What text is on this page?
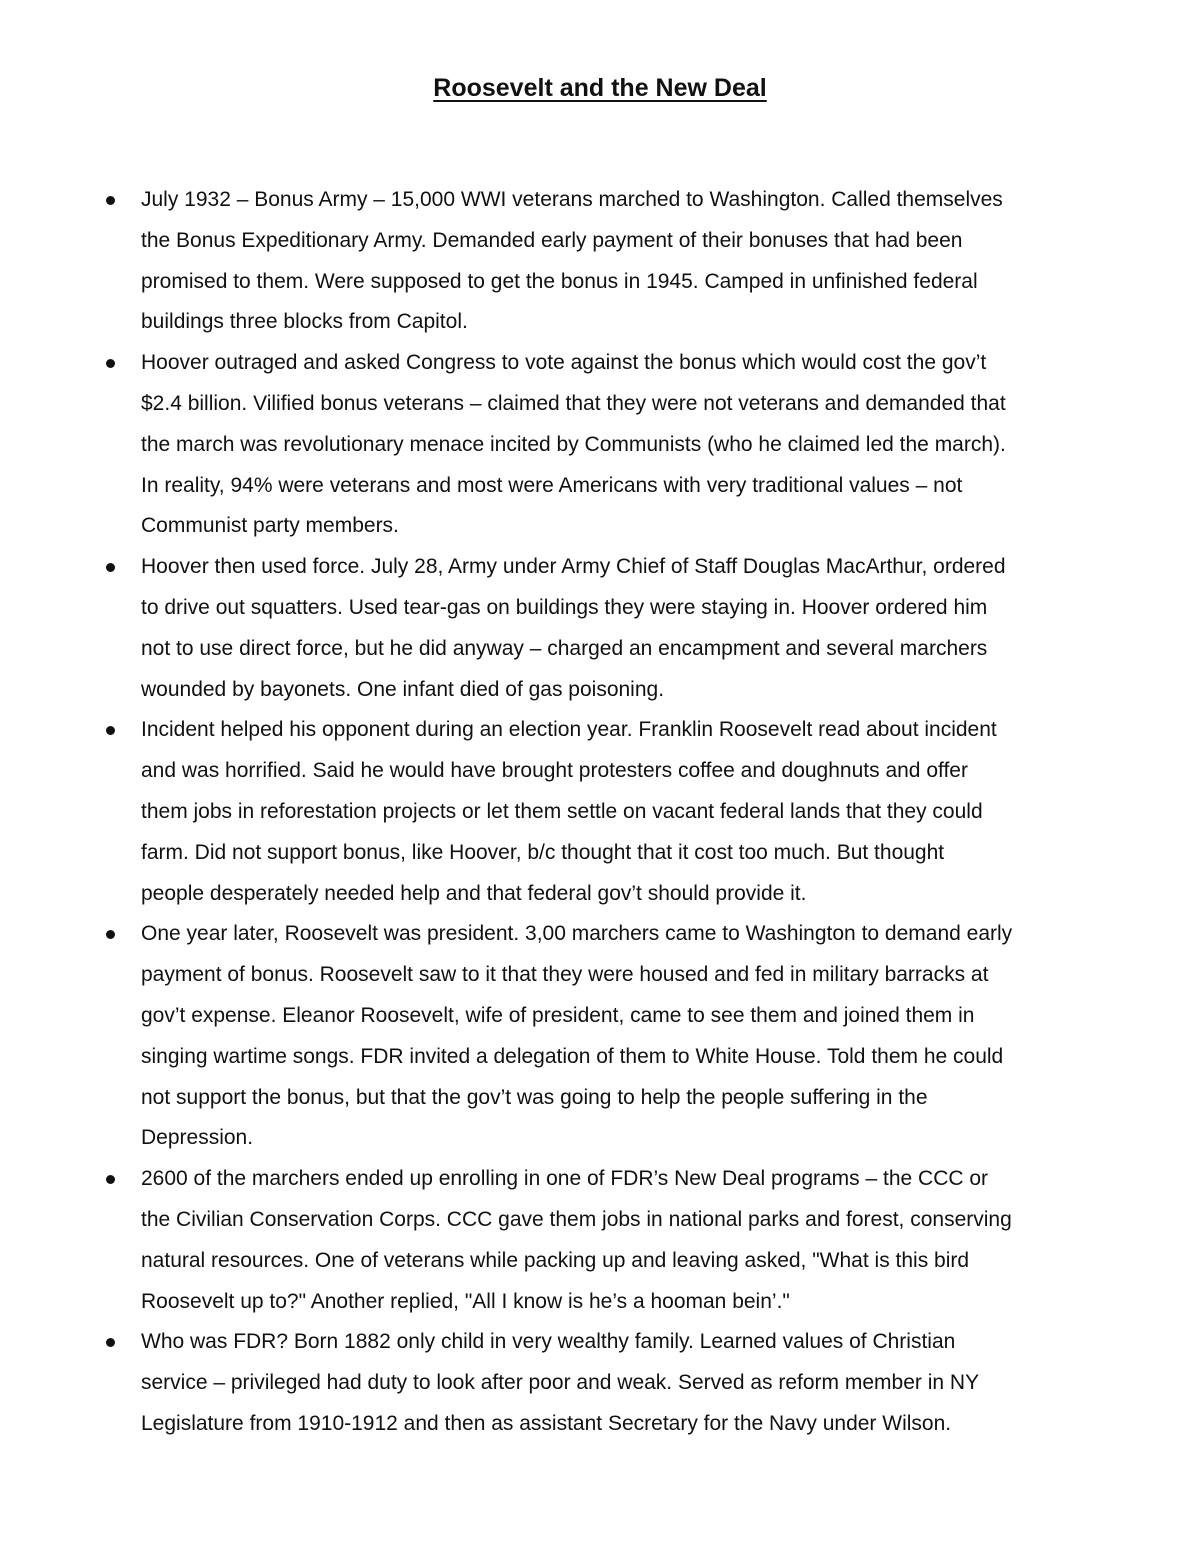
Roosevelt and the New Deal
July 1932 – Bonus Army – 15,000 WWI veterans marched to Washington. Called themselves
the Bonus Expeditionary Army. Demanded early payment of their bonuses that had been
promised to them. Were supposed to get the bonus in 1945. Camped in unfinished federal
buildings three blocks from Capitol.
Hoover outraged and asked Congress to vote against the bonus which would cost the gov’t
$2.4 billion. Vilified bonus veterans – claimed that they were not veterans and demanded that
the march was revolutionary menace incited by Communists (who he claimed led the march).
In reality, 94% were veterans and most were Americans with very traditional values – not
Communist party members.
Hoover then used force. July 28, Army under Army Chief of Staff Douglas MacArthur, ordered
to drive out squatters. Used tear-gas on buildings they were staying in. Hoover ordered him
not to use direct force, but he did anyway – charged an encampment and several marchers
wounded by bayonets. One infant died of gas poisoning.
Incident helped his opponent during an election year. Franklin Roosevelt read about incident
and was horrified. Said he would have brought protesters coffee and doughnuts and offer
them jobs in reforestation projects or let them settle on vacant federal lands that they could
farm. Did not support bonus, like Hoover, b/c thought that it cost too much. But thought
people desperately needed help and that federal gov’t should provide it.
One year later, Roosevelt was president. 3,00 marchers came to Washington to demand early
payment of bonus. Roosevelt saw to it that they were housed and fed in military barracks at
gov’t expense. Eleanor Roosevelt, wife of president, came to see them and joined them in
singing wartime songs. FDR invited a delegation of them to White House. Told them he could
not support the bonus, but that the gov’t was going to help the people suffering in the
Depression.
2600 of the marchers ended up enrolling in one of FDR’s New Deal programs – the CCC or
the Civilian Conservation Corps. CCC gave them jobs in national parks and forest, conserving
natural resources. One of veterans while packing up and leaving asked, "What is this bird
Roosevelt up to?" Another replied, "All I know is he’s a hooman bein’."
Who was FDR? Born 1882 only child in very wealthy family. Learned values of Christian
service – privileged had duty to look after poor and weak. Served as reform member in NY
Legislature from 1910-1912 and then as assistant Secretary for the Navy under Wilson.
